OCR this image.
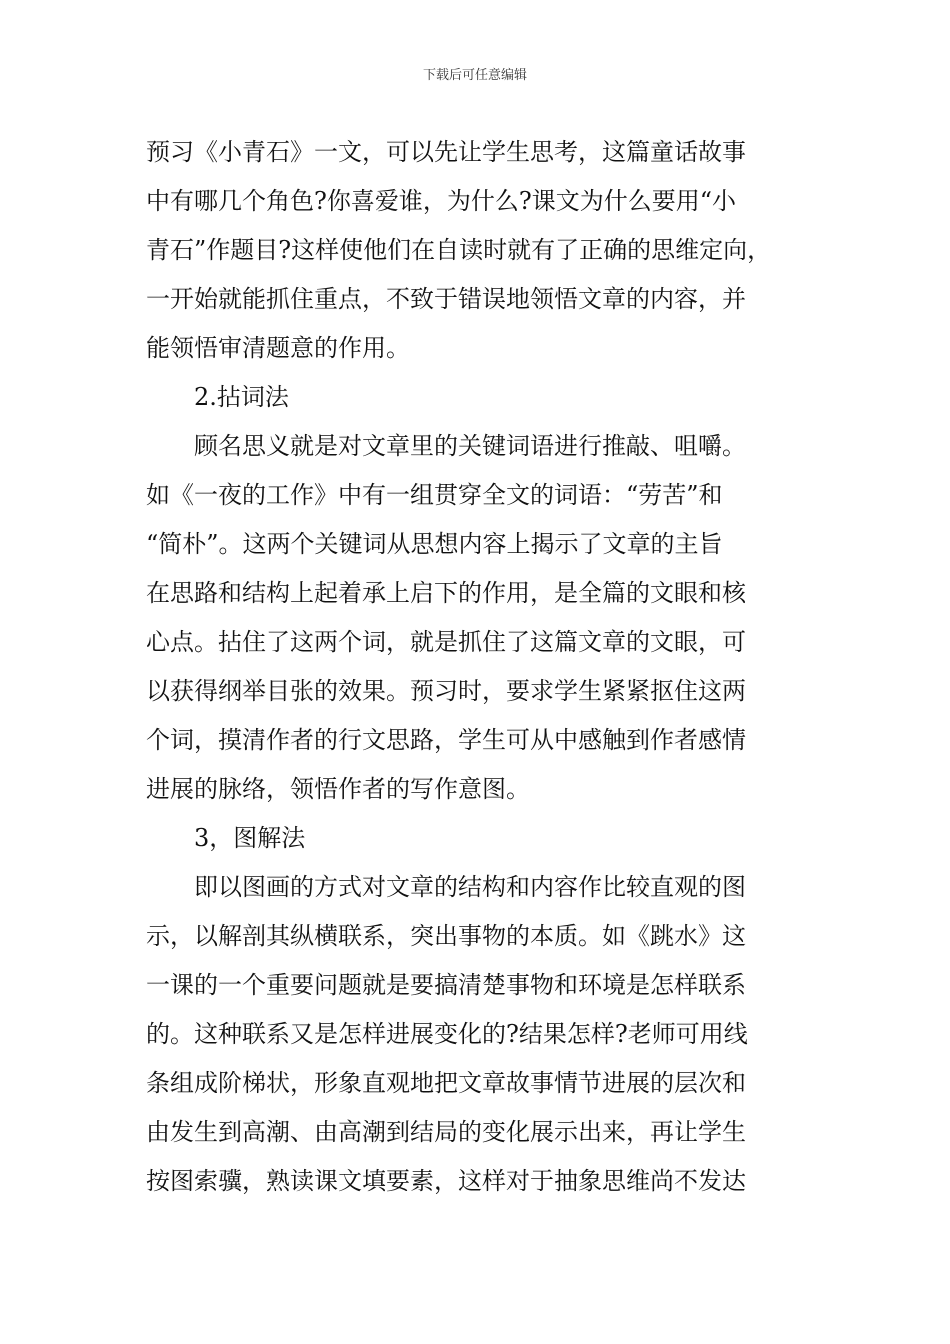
下载后可任意编辑
预习《小青石》一文，可以先让学生思考，这篇童话故事
中有哪几个角色?你喜爱谁，为什么?课文为什么要用“小
青石”作题目?这样使他们在自读时就有了正确的思维定向，
一开始就能抓住重点，不致于错误地领悟文章的内容，并
能领悟审清题意的作用。
2.拈词法
顾名思义就是对文章里的关键词语进行推敲、咀嚼。
如《一夜的工作》中有一组贯穿全文的词语：“劳苦”和
“简朴”。这两个关键词从思想内容上揭示了文章的主旨
在思路和结构上起着承上启下的作用，是全篇的文眼和核
心点。拈住了这两个词，就是抓住了这篇文章的文眼，可
以获得纲举目张的效果。预习时，要求学生紧紧抠住这两
个词，摸清作者的行文思路，学生可从中感触到作者感情
进展的脉络，领悟作者的写作意图。
3，图解法
即以图画的方式对文章的结构和内容作比较直观的图
示，以解剖其纵横联系，突出事物的本质。如《跳水》这
一课的一个重要问题就是要搞清楚事物和环境是怎样联系
的。这种联系又是怎样进展变化的?结果怎样?老师可用线
条组成阶梯状，形象直观地把文章故事情节进展的层次和
由发生到高潮、由高潮到结局的变化展示出来，再让学生
按图索骥，熟读课文填要素，这样对于抽象思维尚不发达
